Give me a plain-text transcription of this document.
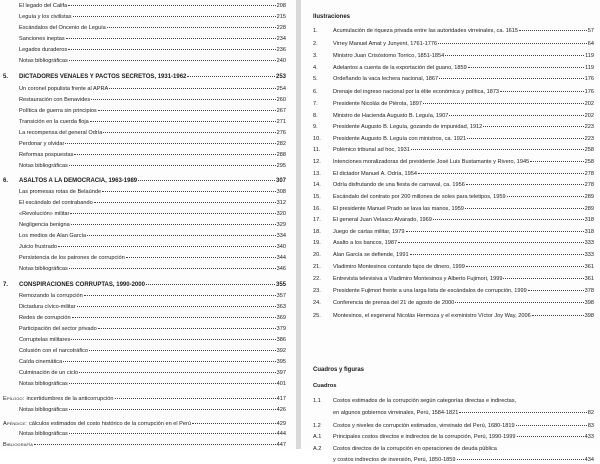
El legado del Califa	208
Leguía y los civilistas	215
Escándalos del Oncenio de Leguía	228
Sanciones ineptas	234
Legados duraderos	236
Notas bibliográficas	240
5.	DICTADORES VENALES Y PACTOS SECRETOS, 1931-1962	253
Un coronel populista frente al APRA	254
Restauración con Benavides	260
Política de guerra sin principios	267
Transición en la cuerda floja	271
La recompensa del general Odría	276
Perdonar y olvidar	282
Reformas pospuestas	288
Notas bibliográficas	295
6.	ASALTOS A LA DEMOCRACIA, 1963-1989	307
Las promesas rotas de Belaúnde	308
El escándalo del contrabando	312
«Revolución» militar	320
Negligencia benigna	329
Los medios de Alan García	334
Juicio frustrado	340
Persistencia de los patrones de corrupción	344
Notas bibliográficas	346
7.	CONSPIRACIONES CORRUPTAS, 1990-2000	355
Remozando la corrupción	357
Dictadura cívico-militar	363
Redes de corrupción	369
Participación del sector privado	379
Corruptelas militares	386
Colusión con el narcotráfico	392
Caída cinemática	395
Culminación de un ciclo	397
Notas bibliográficas	401
Epílogo: incertidumbres de la anticorrupción	417
Notas bibliográficas	426
Apéndice: cálculos estimados del costo histórico de la corrupción en el Perú	429
Notas bibliográficas	444
Bibliografía	447
Ilustraciones
Cuadros y figuras
Cuadros
1.	Acumulación de riqueza privada entre las autoridades virreinales, ca. 1615	57
2.	Virrey Manuel Amat y Junyent, 1761-1776	64
3.	Ministro Juan Crisóstomo Torrico, 1851-1854	119
4.	Adelantos a cuenta de la exportación del guano, 1859	119
5.	Ordeñando la vaca lechera nacional, 1867	176
6.	Drenaje del ingreso nacional por la élite económica y política, 1873	176
7.	Presidente Nicolás de Piérola, 1897	202
8.	Ministro de Hacienda Augusto B. Leguía, 1907	202
9.	Presidente Augusto B. Leguía, gozando de impunidad, 1912	223
10. Presidente Augusto B. Leguía con ministros, ca. 1921	223
11. Polémico tribunal ad hoc, 1931	258
12. Intenciones moralizadoras del presidente José Luis Bustamante y Rivero, 1945	258
13. El dictador Manuel A. Odría, 1954	278
14. Odría disfrutando de una fiesta de carnaval, ca. 1956	278
15. Escándalo del contrato por 200 millones de soles para teletipos, 1959	289
16. El presidente Manuel Prado se lava las manos, 1959	289
17. El general Juan Velasco Alvarado, 1969	318
18. Juego de cartas militar, 1979	318
19. Asalto a los bancos, 1987	333
20. Alan García se defiende, 1991	333
21. Vladimiro Montesinos contando fajos de dinero, 1999	361
22. Entrevista televisiva a Vladimiro Montesinos y Alberto Fujimori, 1999	361
23. Presidente Fujimori frente a una larga lista de escándalos de corrupción, 1999	378
24. Conferencia de prensa del 21 de agosto de 2000	398
25. Montesinos, el exgeneral Nicolás Hermoza y el exministro Víctor Joy Way, 2006	398
1.1 Costos estimados de la corrupción según categorías directas e indirectas,
en algunos gobiernos virreinales, Perú, 1584-1821	82
1.2 Costos y niveles de corrupción estimados, virreinato del Perú, 1680-1819	83
A.1 Principales costos directos e indirectos de la corrupción, Perú, 1990-1999	433
A.2 Costos directos de la corrupción en operaciones de deuda pública
y costos indirectos de inversión, Perú, 1850-1859	434
